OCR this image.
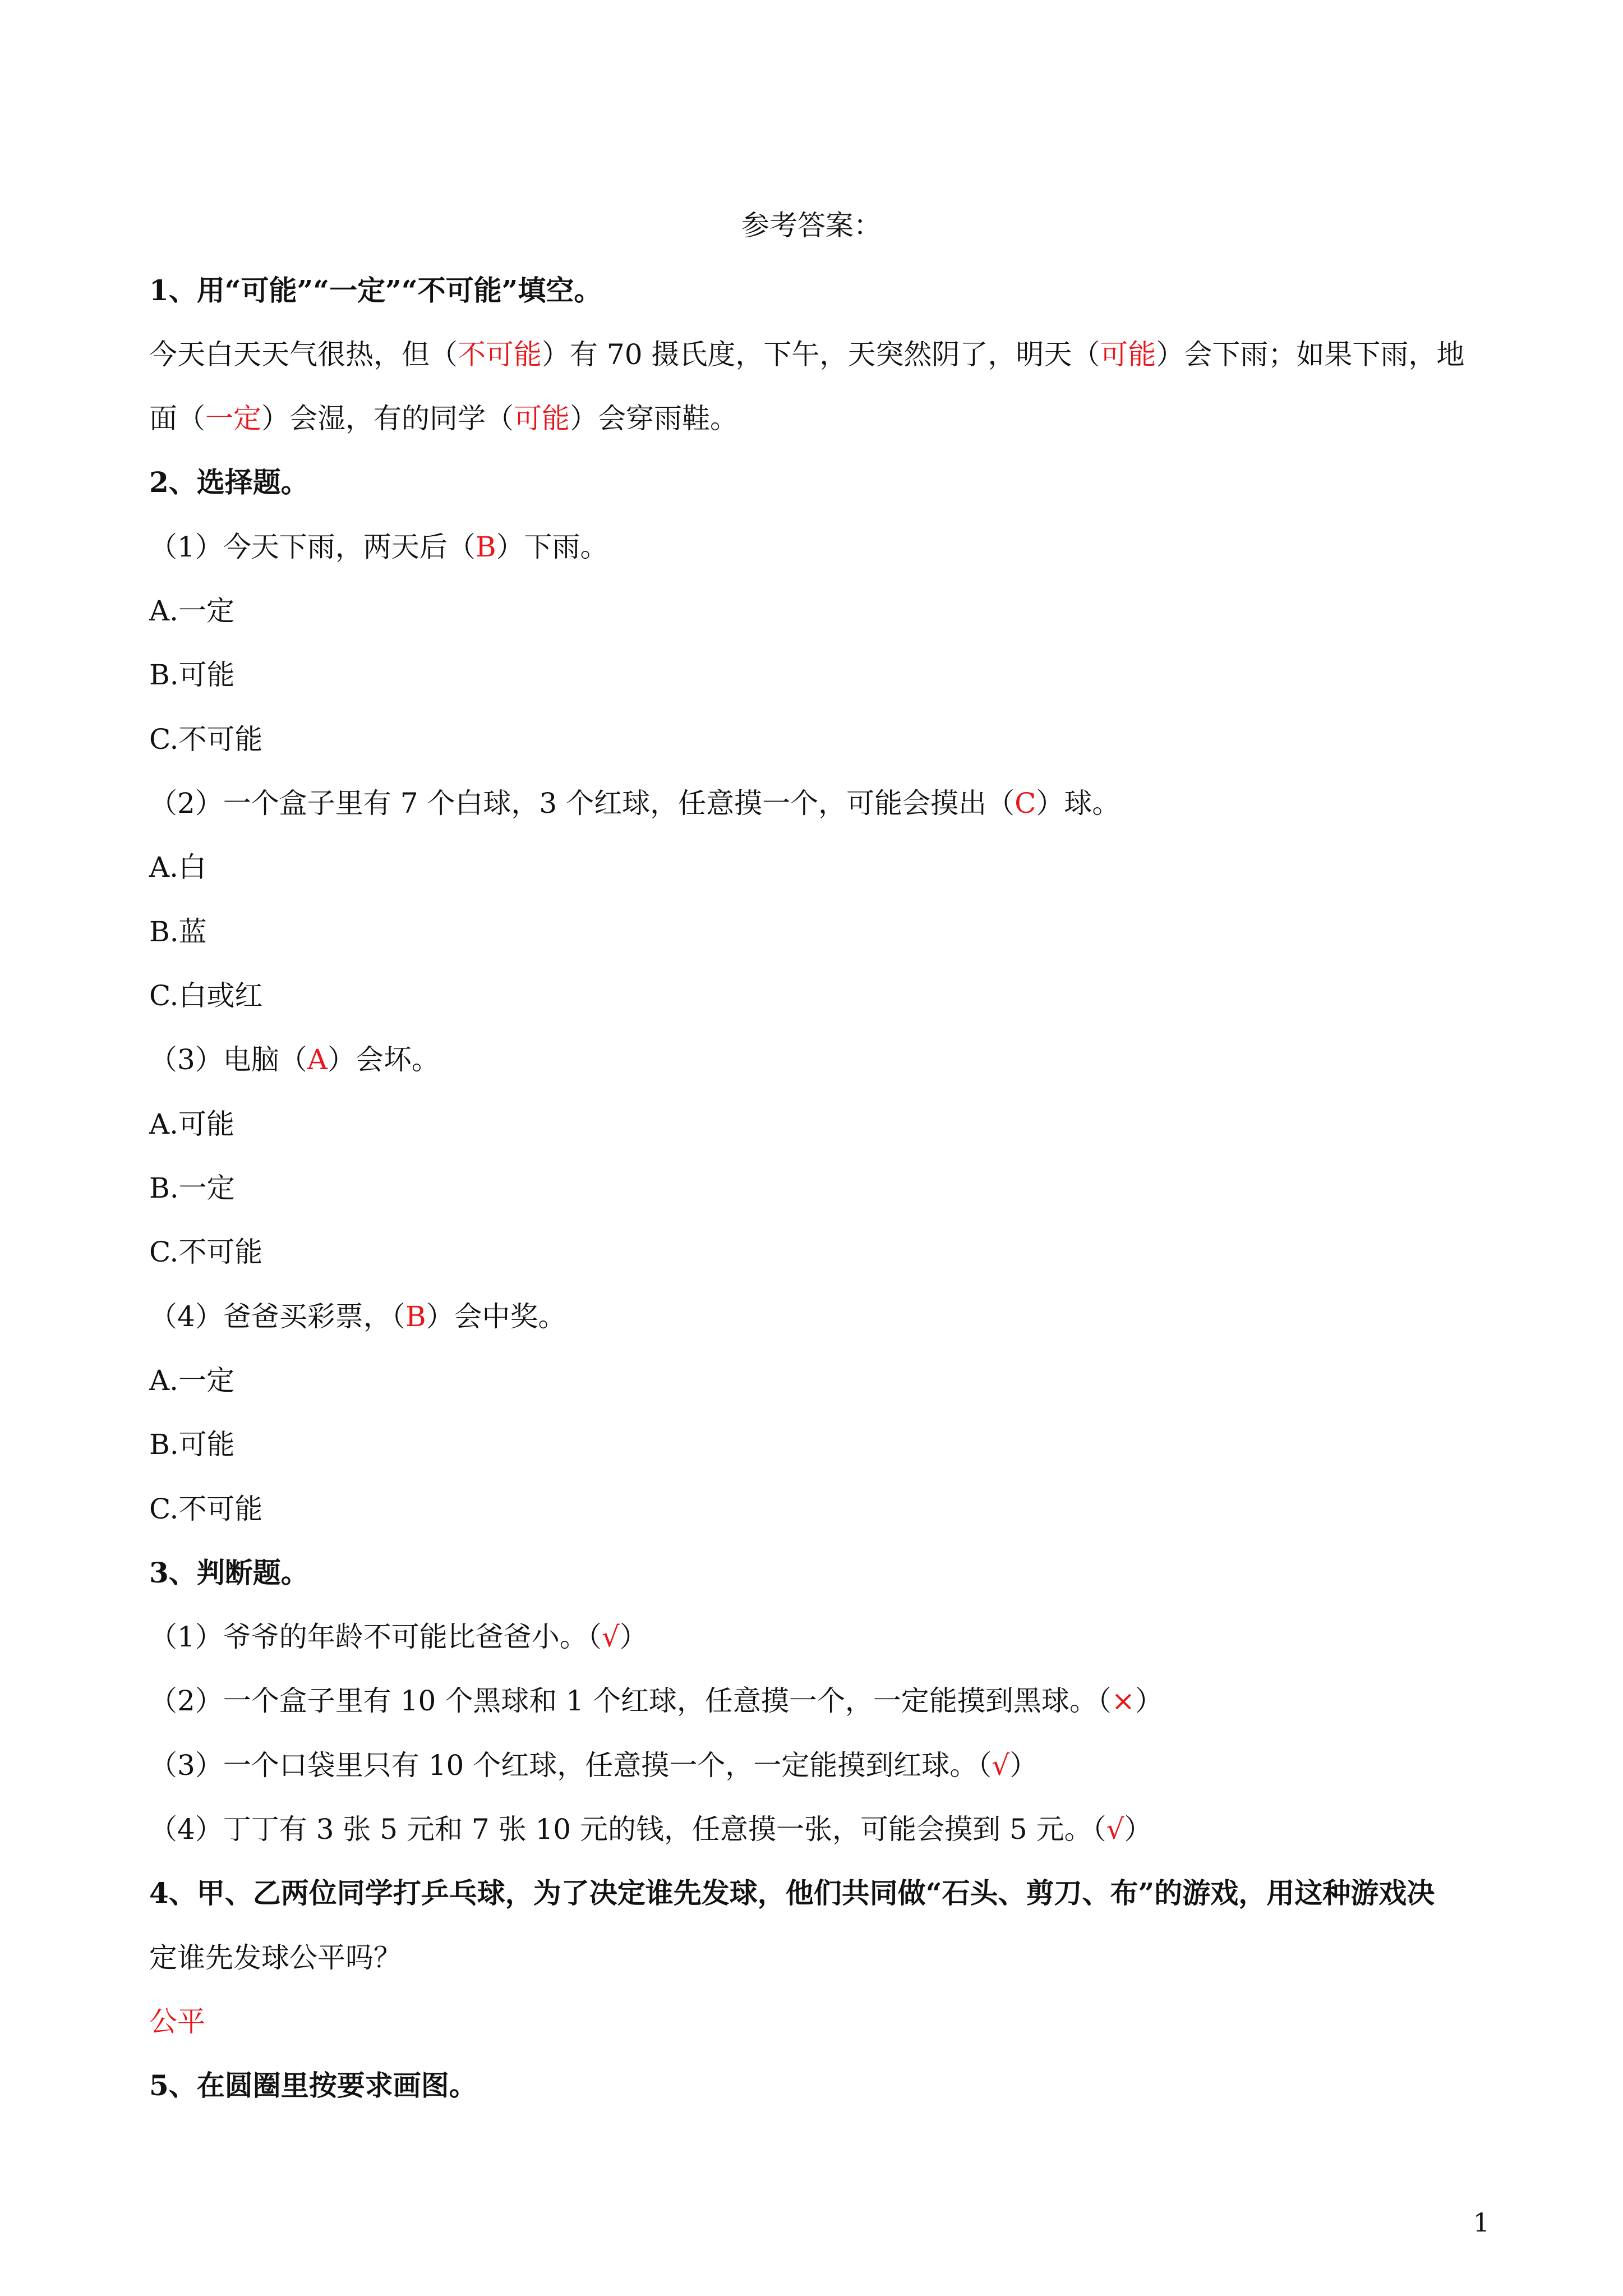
参考答案：
1、用“可能”“一定”“不可能”填空。
今天白天天气很热，但（不可能）有 70 摄氏度，下午，天突然阴了，明天（可能）会下雨；如果下雨，地
面（一定）会湿，有的同学（可能）会穿雨鞋。
2、选择题。
（1）今天下雨，两天后（B）下雨。
A.一定
B.可能
C.不可能
（2）一个盒子里有 7 个白球，3 个红球，任意摸一个，可能会摸出（C）球。
A.白
B.蓝
C.白或红
（3）电脑（A）会坏。
A.可能
B.一定
C.不可能
（4）爸爸买彩票，（B）会中奖。
A.一定
B.可能
C.不可能
3、判断题。
（1）爷爷的年龄不可能比爸爸小。（√）
（2）一个盒子里有 10 个黑球和 1 个红球，任意摸一个，一定能摸到黑球。（×）
（3）一个口袋里只有 10 个红球，任意摸一个，一定能摸到红球。（√）
（4）丁丁有 3 张 5 元和 7 张 10 元的钱，任意摸一张，可能会摸到 5 元。（√）
4、甲、乙两位同学打乒乓球，为了决定谁先发球，他们共同做“石头、剪刀、布”的游戏，用这种游戏决
定谁先发球公平吗？
公平
5、在圆圈里按要求画图。
1
